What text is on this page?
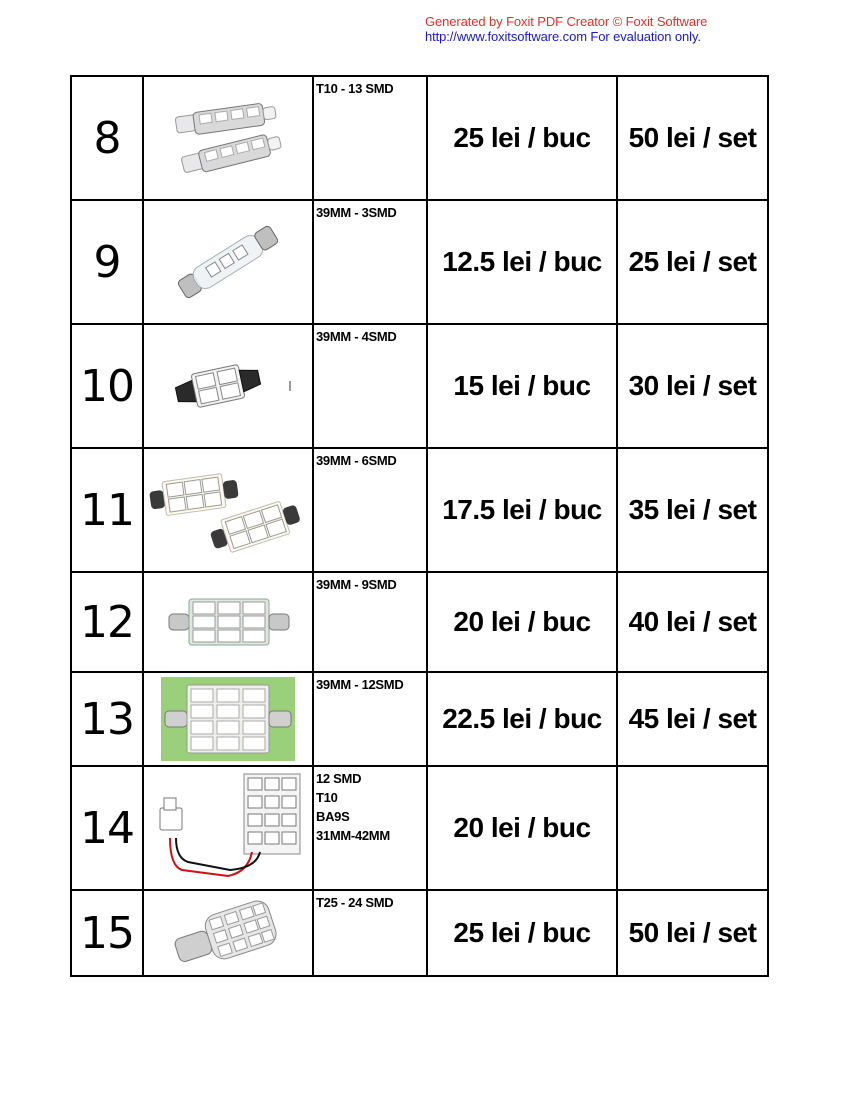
Generated by Foxit PDF Creator © Foxit Software
http://www.foxitsoftware.com For evaluation only.
8		T10 - 13 SMD	25 lei / buc	50 lei / set
9		39MM - 3SMD	12.5 lei / buc	25 lei / set
10		39MM - 4SMD	15 lei / buc	30 lei / set
11		39MM - 6SMD	17.5 lei / buc	35 lei / set
12		39MM - 9SMD	20 lei / buc	40 lei / set
13		39MM - 12SMD	22.5 lei / buc	45 lei / set
14		12 SMD
T10
BA9S
31MM-42MM	20 lei / buc	
15		T25 - 24 SMD	25 lei / buc	50 lei / set
